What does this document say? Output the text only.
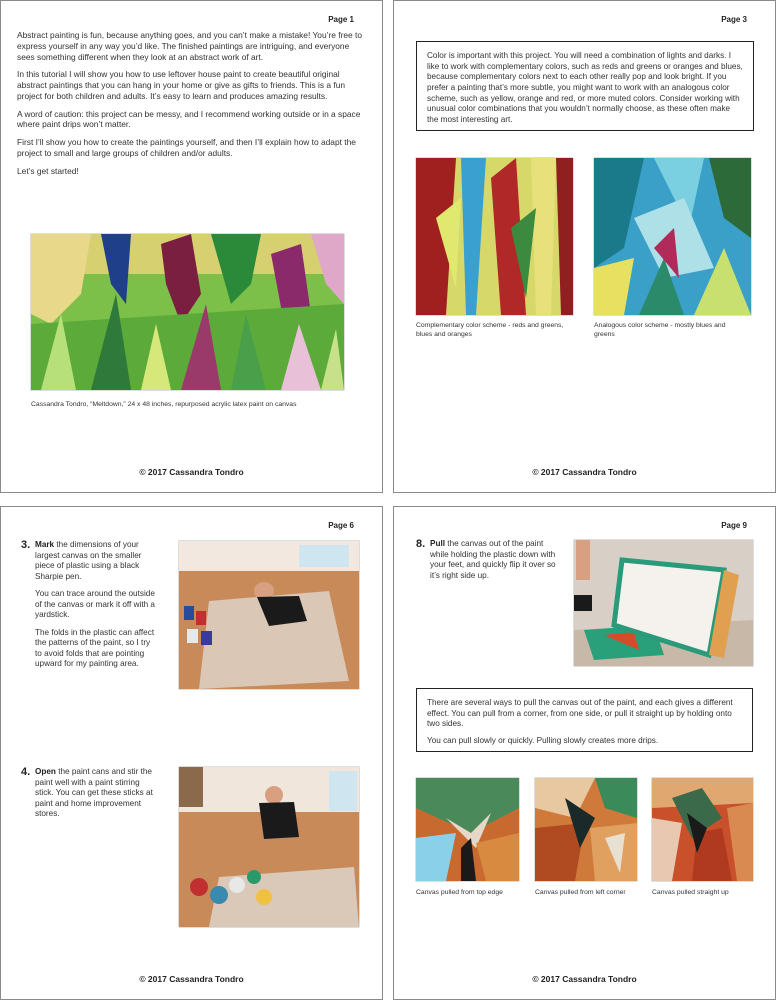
Page 1

Abstract painting is fun, because anything goes, and you can’t make a mistake! You’re free to express yourself in any way you’d like. The finished paintings are intriguing, and everyone sees something different when they look at an abstract work of art.

In this tutorial I will show you how to use leftover house paint to create beautiful original abstract paintings that you can hang in your home or give as gifts to friends. This is a fun project for both children and adults. It’s easy to learn and produces amazing results.

A word of caution: this project can be messy, and I recommend working outside or in a space where paint drips won’t matter.

First I’ll show you how to create the paintings yourself, and then I’ll explain how to adapt the project to small and large groups of children and/or adults.

Let’s get started!

Cassandra Tondro, “Meltdown,” 24 x 48 inches, repurposed acrylic latex paint on canvas
© 2017 Cassandra Tondro
Page 3

Color is important with this project. You will need a combination of lights and darks. I like to work with complementary colors, such as reds and greens or oranges and blues, because complementary colors next to each other really pop and look bright. If you prefer a painting that’s more subtle, you might want to work with an analogous color scheme, such as yellow, orange and red, or more muted colors. Consider working with unusual color combinations that you wouldn’t normally choose, as these often make the most interesting art.

Complementary color scheme - reds and greens, blues and oranges
Analogous color scheme - mostly blues and greens
© 2017 Cassandra Tondro
Page 6
3. Mark the dimensions of your largest canvas on the smaller piece of plastic using a black Sharpie pen.

You can trace around the outside of the canvas or mark it off with a yardstick.

The folds in the plastic can affect the patterns of the paint, so I try to avoid folds that are pointing upward for my painting area.

4. Open the paint cans and stir the paint well with a paint stirring stick. You can get these sticks at paint and home improvement stores.

© 2017 Cassandra Tondro
Page 9
8. Pull the canvas out of the paint while holding the plastic down with your feet, and quickly flip it over so it’s right side up.

There are several ways to pull the canvas out of the paint, and each gives a different effect. You can pull from a corner, from one side, or pull it straight up by holding onto two sides.

You can pull slowly or quickly. Pulling slowly creates more drips.

Canvas pulled from top edge	Canvas pulled from left corner	Canvas pulled straight up
© 2017 Cassandra Tondro
